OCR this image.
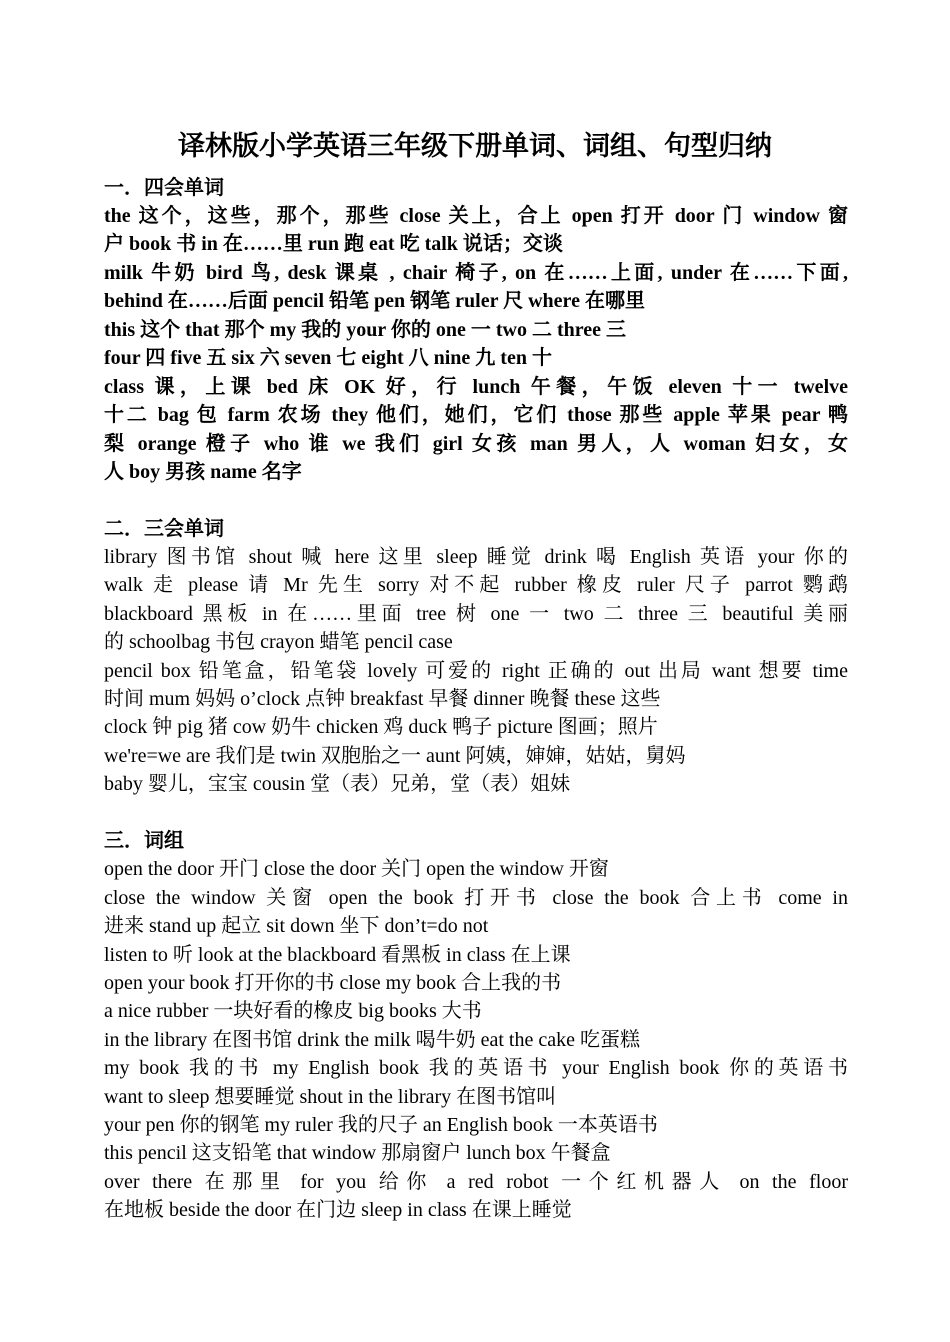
译林版小学英语三年级下册单词、词组、句型归纳
一．四会单词
the 这个，这些，那个，那些 close 关上，合上 open 打开 door 门 window 窗
户 book 书 in 在……里 run 跑 eat 吃 talk 说话；交谈
milk 牛奶 bird 鸟, desk 课桌 , chair 椅子, on 在……上面, under 在……下面,
behind 在……后面 pencil 铅笔 pen 钢笔 ruler 尺 where 在哪里
this 这个 that 那个 my 我的 your 你的 one 一 two 二 three 三
four 四 five 五 six 六 seven 七 eight 八 nine 九 ten 十
class 课，上课 bed 床 OK 好，行 lunch 午餐，午饭 eleven 十一 twelve
十二 bag 包 farm 农场 they 他们，她们，它们 those 那些 apple 苹果 pear 鸭
梨 orange 橙子 who 谁 we 我们 girl 女孩 man 男人，人 woman 妇女，女
人 boy 男孩 name 名字
二．三会单词
library 图书馆 shout 喊 here 这里 sleep 睡觉 drink 喝 English 英语 your 你的
walk 走 please 请 Mr 先生 sorry 对不起 rubber 橡皮 ruler 尺子 parrot 鹦鹉
blackboard 黑板 in 在……里面 tree 树 one 一 two 二 three 三 beautiful 美丽
的 schoolbag 书包 crayon 蜡笔 pencil case
pencil box 铅笔盒，铅笔袋 lovely 可爱的 right 正确的 out 出局 want 想要 time
时间 mum 妈妈 o’clock 点钟 breakfast 早餐 dinner 晚餐 these 这些
clock 钟 pig 猪 cow 奶牛 chicken 鸡 duck 鸭子 picture 图画；照片
we're=we are 我们是 twin 双胞胎之一 aunt 阿姨，婶婶，姑姑，舅妈
baby 婴儿，宝宝 cousin 堂（表）兄弟，堂（表）姐妹
三．词组
open the door 开门 close the door 关门 open the window 开窗
close the window 关窗 open the book 打开书 close the book 合上书 come in
进来 stand up 起立 sit down 坐下 don’t=do not
listen to 听 look at the blackboard 看黑板 in class 在上课
open your book 打开你的书 close my book 合上我的书
a nice rubber 一块好看的橡皮 big books 大书
in the library 在图书馆 drink the milk 喝牛奶 eat the cake 吃蛋糕
my book 我的书 my English book 我的英语书 your English book 你的英语书
want to sleep 想要睡觉 shout in the library 在图书馆叫
your pen 你的钢笔 my ruler 我的尺子 an English book 一本英语书
this pencil 这支铅笔 that window 那扇窗户 lunch box 午餐盒
over there 在那里 for you 给你 a red robot 一个红机器人 on the floor
在地板 beside the door 在门边 sleep in class 在课上睡觉
